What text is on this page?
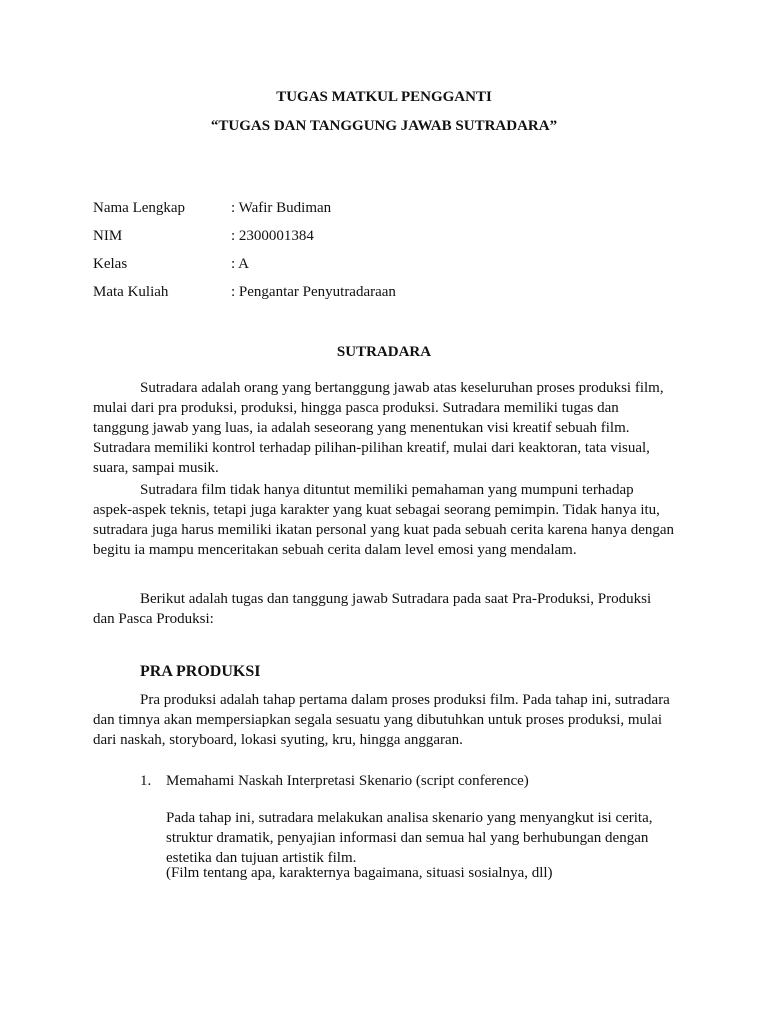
TUGAS MATKUL PENGGANTI
“TUGAS DAN TANGGUNG JAWAB SUTRADARA”
Nama Lengkap	: Wafir Budiman
NIM	: 2300001384
Kelas	: A
Mata Kuliah	: Pengantar Penyutradaraan
SUTRADARA

Sutradara adalah orang yang bertanggung jawab atas keseluruhan proses produksi film, mulai dari pra produksi, produksi, hingga pasca produksi. Sutradara memiliki tugas dan tanggung jawab yang luas, ia adalah seseorang yang menentukan visi kreatif sebuah film. Sutradara memiliki kontrol terhadap pilihan-pilihan kreatif, mulai dari keaktoran, tata visual, suara, sampai musik.

Sutradara film tidak hanya dituntut memiliki pemahaman yang mumpuni terhadap aspek-aspek teknis, tetapi juga karakter yang kuat sebagai seorang pemimpin. Tidak hanya itu, sutradara juga harus memiliki ikatan personal yang kuat pada sebuah cerita karena hanya dengan begitu ia mampu menceritakan sebuah cerita dalam level emosi yang mendalam.

Berikut adalah tugas dan tanggung jawab Sutradara pada saat Pra-Produksi, Produksi dan Pasca Produksi:

PRA PRODUKSI

Pra produksi adalah tahap pertama dalam proses produksi film. Pada tahap ini, sutradara dan timnya akan mempersiapkan segala sesuatu yang dibutuhkan untuk proses produksi, mulai dari naskah, storyboard, lokasi syuting, kru, hingga anggaran.

1. Memahami Naskah Interpretasi Skenario (script conference)

Pada tahap ini, sutradara melakukan analisa skenario yang menyangkut isi cerita, struktur dramatik, penyajian informasi dan semua hal yang berhubungan dengan estetika dan tujuan artistik film.

(Film tentang apa, karakternya bagaimana, situasi sosialnya, dll)
